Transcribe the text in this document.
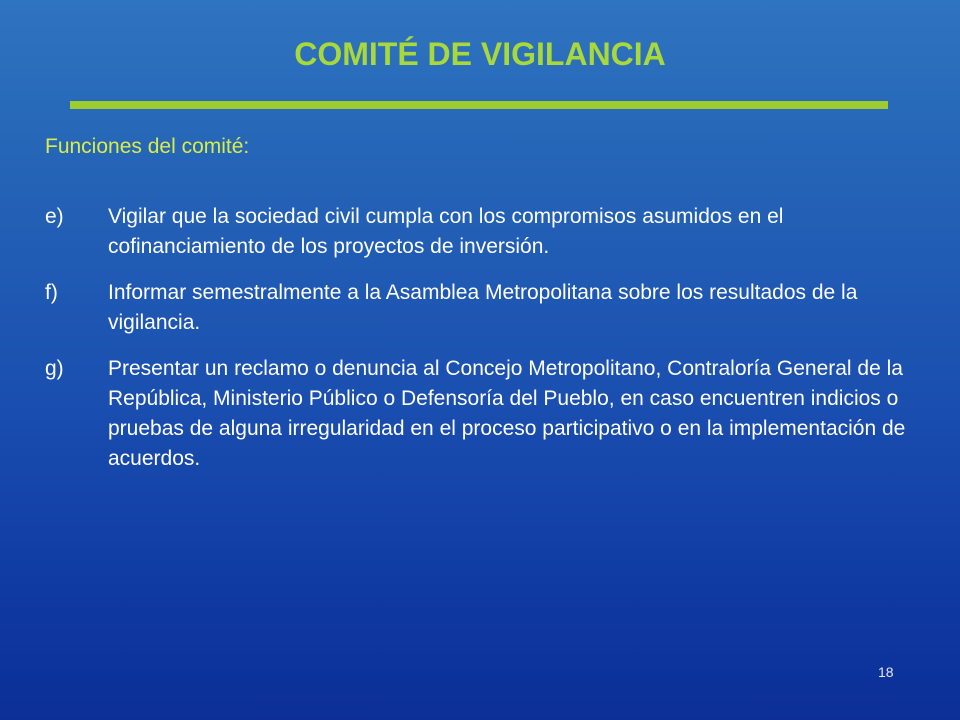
COMITÉ DE VIGILANCIA
Funciones del comité:
e)	Vigilar que la sociedad civil cumpla con los compromisos asumidos en el cofinanciamiento de los proyectos de inversión.
f)	Informar semestralmente a la Asamblea Metropolitana sobre los resultados de la vigilancia.
g)	Presentar un reclamo o denuncia al Concejo Metropolitano, Contraloría General de la República, Ministerio Público o Defensoría del Pueblo, en caso encuentren indicios o pruebas de alguna irregularidad en el proceso participativo o en la implementación de acuerdos.
18
